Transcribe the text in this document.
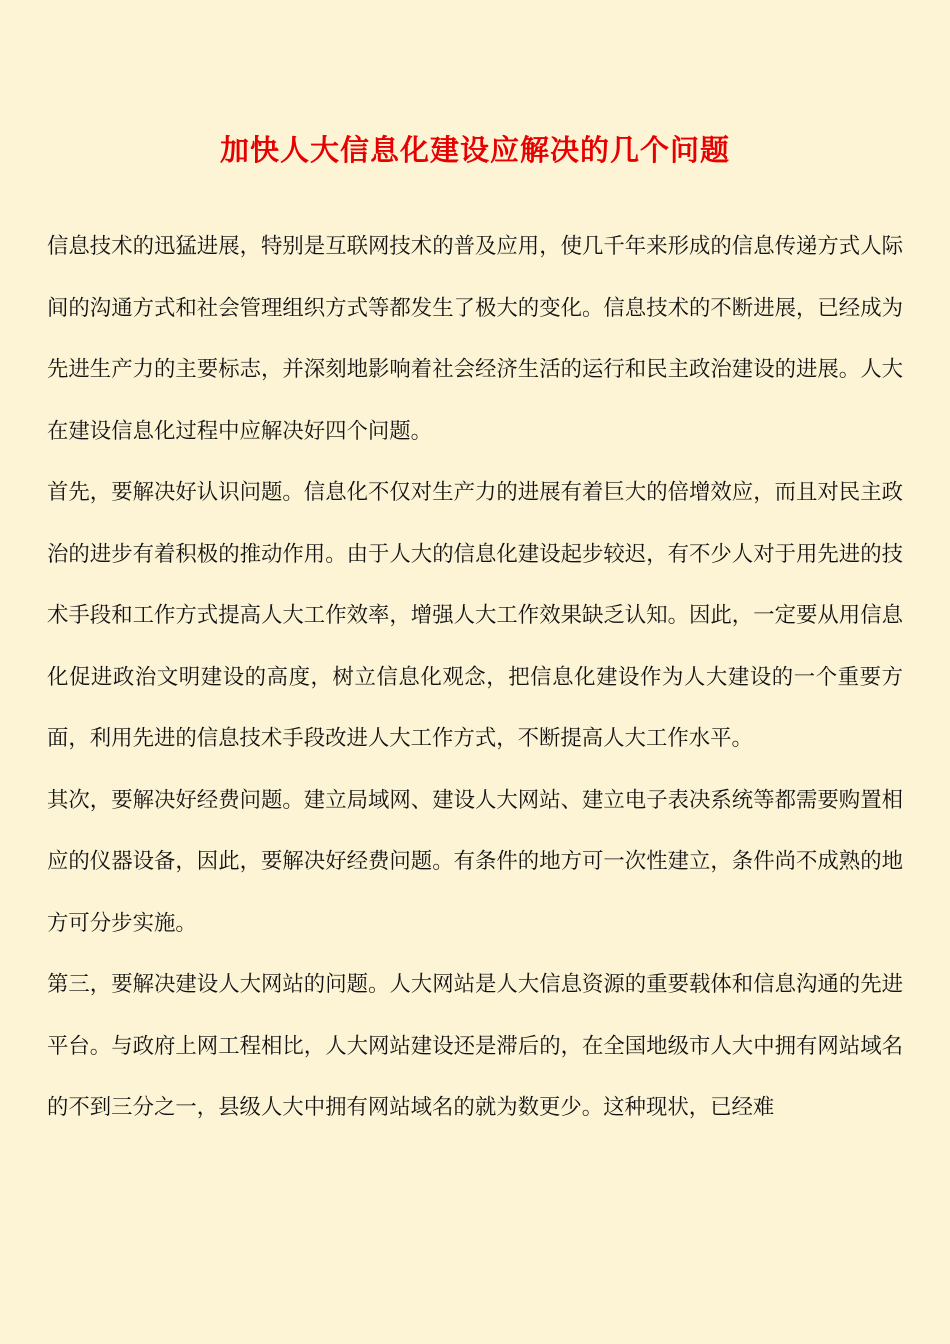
加快人大信息化建设应解决的几个问题

信息技术的迅猛进展，特别是互联网技术的普及应用，使几千年来形成的信息传递方式人际间的沟通方式和社会管理组织方式等都发生了极大的变化。信息技术的不断进展，已经成为先进生产力的主要标志，并深刻地影响着社会经济生活的运行和民主政治建设的进展。人大在建设信息化过程中应解决好四个问题。

首先，要解决好认识问题。信息化不仅对生产力的进展有着巨大的倍增效应，而且对民主政治的进步有着积极的推动作用。由于人大的信息化建设起步较迟，有不少人对于用先进的技术手段和工作方式提高人大工作效率，增强人大工作效果缺乏认知。因此，一定要从用信息化促进政治文明建设的高度，树立信息化观念，把信息化建设作为人大建设的一个重要方面，利用先进的信息技术手段改进人大工作方式，不断提高人大工作水平。

其次，要解决好经费问题。建立局域网、建设人大网站、建立电子表决系统等都需要购置相应的仪器设备，因此，要解决好经费问题。有条件的地方可一次性建立，条件尚不成熟的地方可分步实施。

第三，要解决建设人大网站的问题。人大网站是人大信息资源的重要载体和信息沟通的先进平台。与政府上网工程相比，人大网站建设还是滞后的，在全国地级市人大中拥有网站域名的不到三分之一，县级人大中拥有网站域名的就为数更少。这种现状，已经难
